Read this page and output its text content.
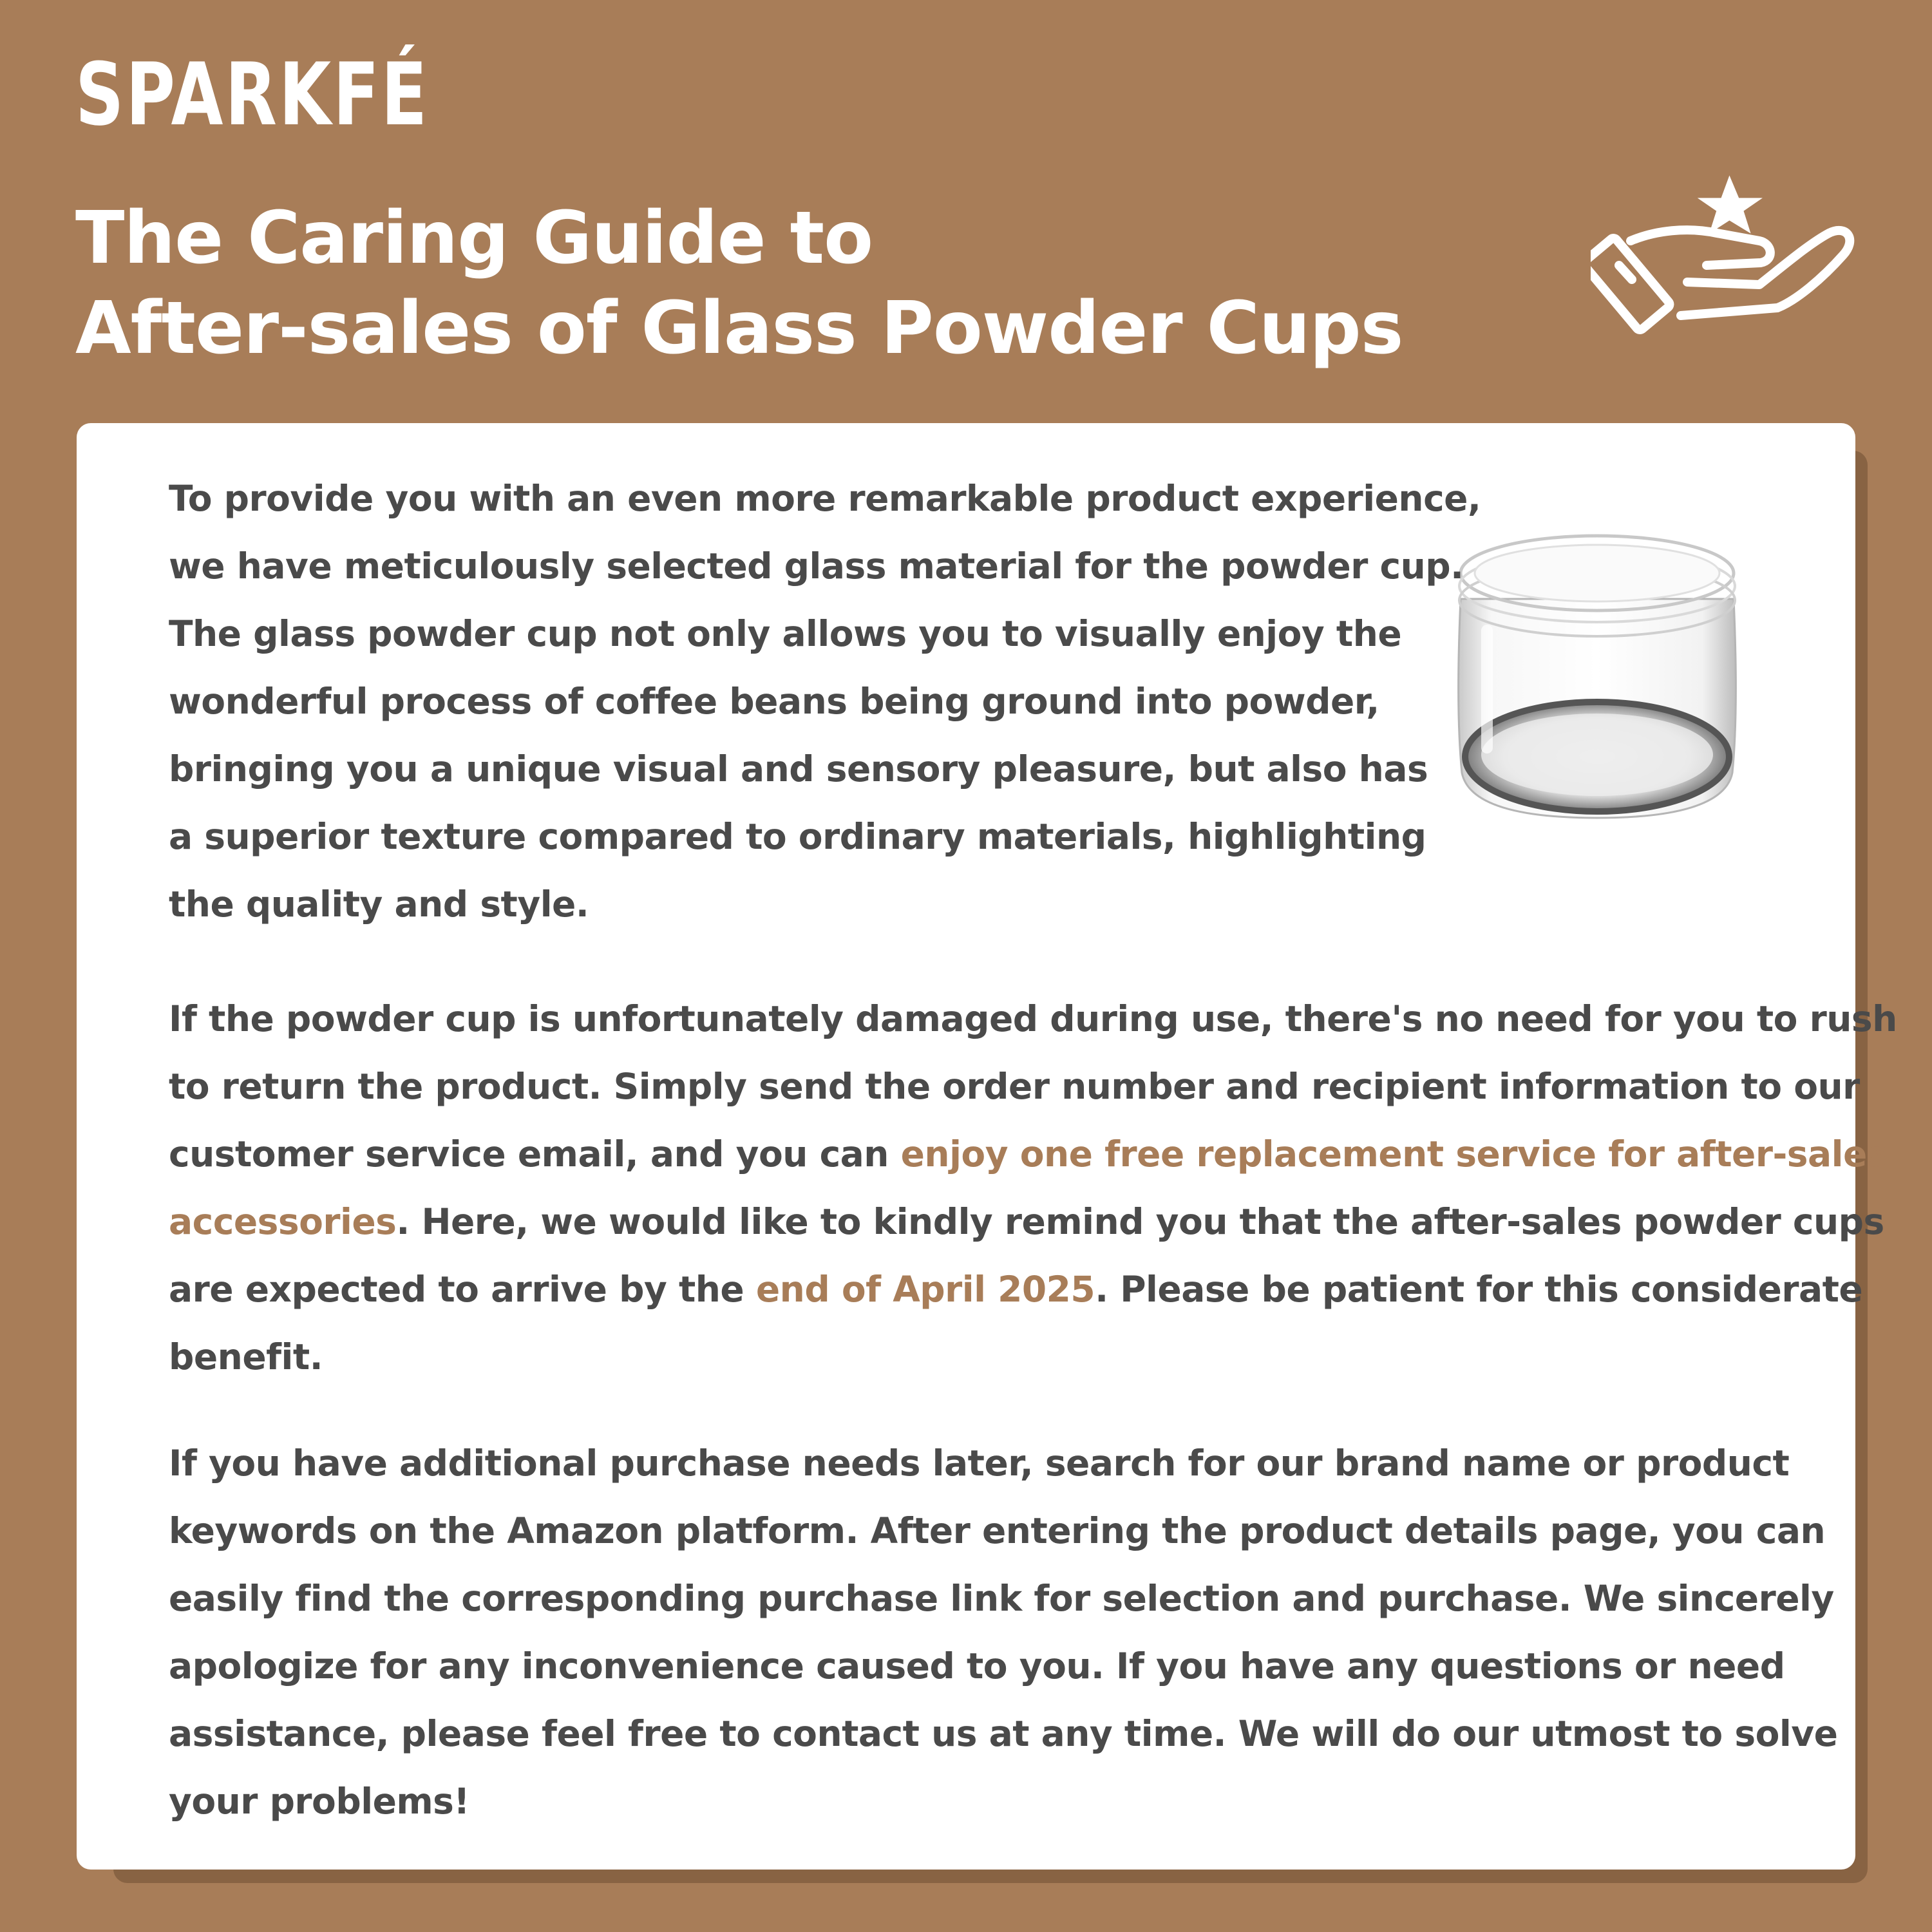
SPARKFÉ
The Caring Guide to
After-sales of Glass Powder Cups
To provide you with an even more remarkable product experience,
we have meticulously selected glass material for the powder cup.
The glass powder cup not only allows you to visually enjoy the
wonderful process of coffee beans being ground into powder,
bringing you a unique visual and sensory pleasure, but also has
a superior texture compared to ordinary materials, highlighting
the quality and style.
If the powder cup is unfortunately damaged during use, there's no need for you to rush
to return the product. Simply send the order number and recipient information to our
customer service email, and you can enjoy one free replacement service for after-sales
accessories. Here, we would like to kindly remind you that the after-sales powder cups
are expected to arrive by the end of April 2025. Please be patient for this considerate
benefit.
If you have additional purchase needs later, search for our brand name or product
keywords on the Amazon platform. After entering the product details page, you can
easily find the corresponding purchase link for selection and purchase. We sincerely
apologize for any inconvenience caused to you. If you have any questions or need
assistance, please feel free to contact us at any time. We will do our utmost to solve
your problems!
